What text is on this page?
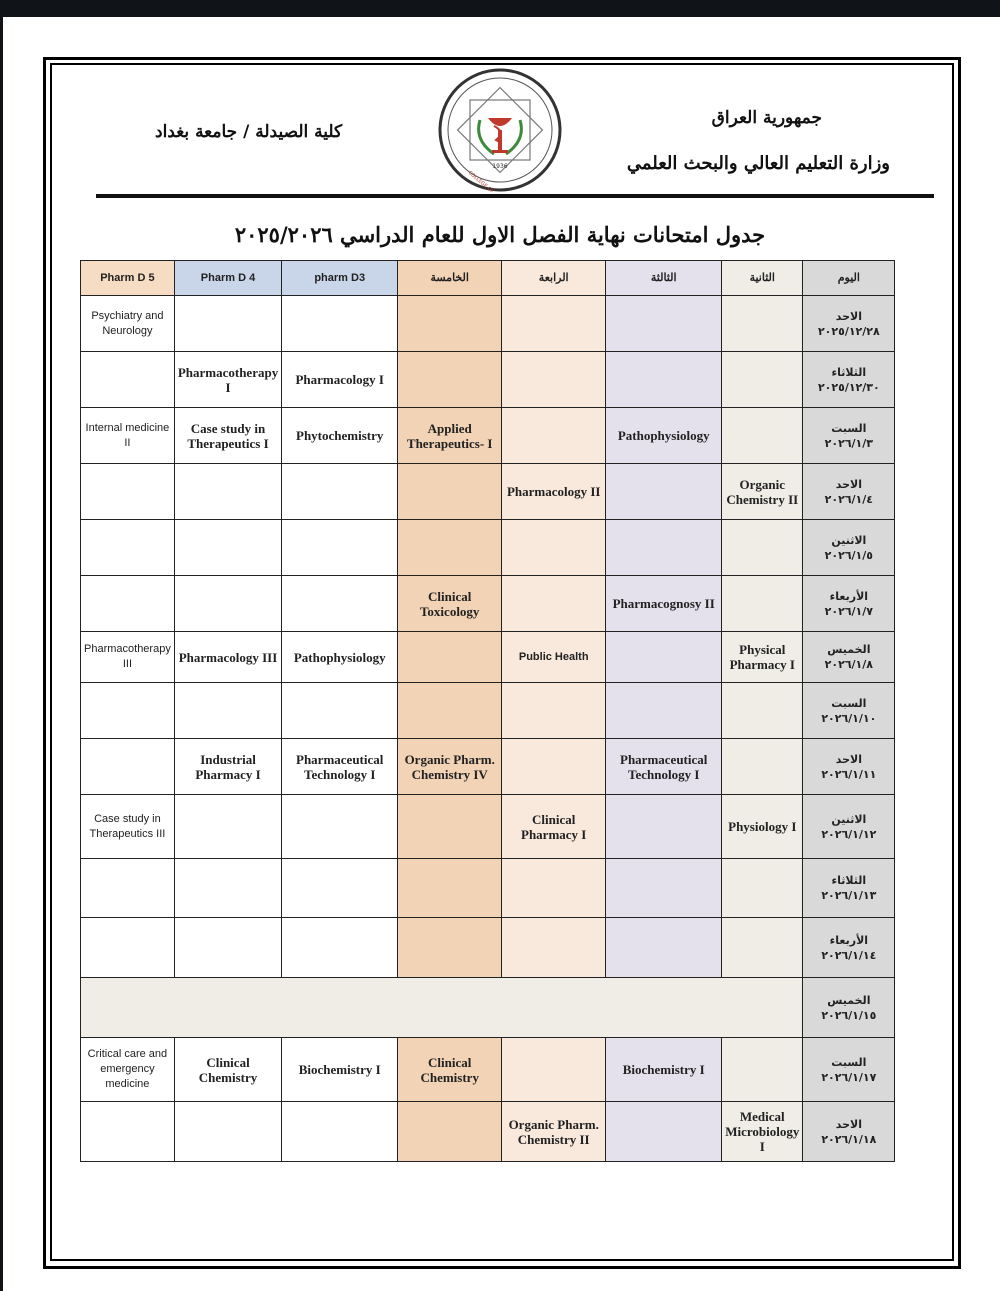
جمهورية العراق
وزارة التعليم العالي والبحث العلمي
كلية الصيدلة / جامعة بغداد
1936
جدول امتحانات نهاية الفصل الاول للعام الدراسي ٢٠٢٥/٢٠٢٦
Pharm D 5	Pharm D 4	pharm D3	الخامسة	الرابعة	الثالثة	الثانية	اليوم
Psychiatry and Neurology							الاحد
٢٠٢٥/١٢/٢٨

	Pharmacotherapy I	Pharmacology I					الثلاثاء
٢٠٢٥/١٢/٣٠

Internal medicine II	Case study in Therapeutics I	Phytochemistry	Applied Therapeutics- I		Pathophysiology		السبت
٢٠٢٦/١/٣

				Pharmacology II		Organic Chemistry II	الاحد
٢٠٢٦/١/٤

							الاثنين
٢٠٢٦/١/٥

			Clinical Toxicology		Pharmacognosy II		الأربعاء
٢٠٢٦/١/٧

Pharmacotherapy III	Pharmacology III	Pathophysiology		Public Health		Physical Pharmacy I	الخميس
٢٠٢٦/١/٨

							السبت
٢٠٢٦/١/١٠

	Industrial Pharmacy I	Pharmaceutical Technology I	Organic Pharm. Chemistry IV		Pharmaceutical Technology I		الاحد
٢٠٢٦/١/١١

Case study in Therapeutics III				Clinical Pharmacy I		Physiology I	الاثنين
٢٠٢٦/١/١٢

							الثلاثاء
٢٠٢٦/١/١٣

							الأربعاء
٢٠٢٦/١/١٤

							الخميس
٢٠٢٦/١/١٥

Critical care and emergency medicine	Clinical Chemistry	Biochemistry I	Clinical Chemistry		Biochemistry I		السبت
٢٠٢٦/١/١٧

				Organic Pharm. Chemistry II		Medical Microbiology I	الاحد
٢٠٢٦/١/١٨
